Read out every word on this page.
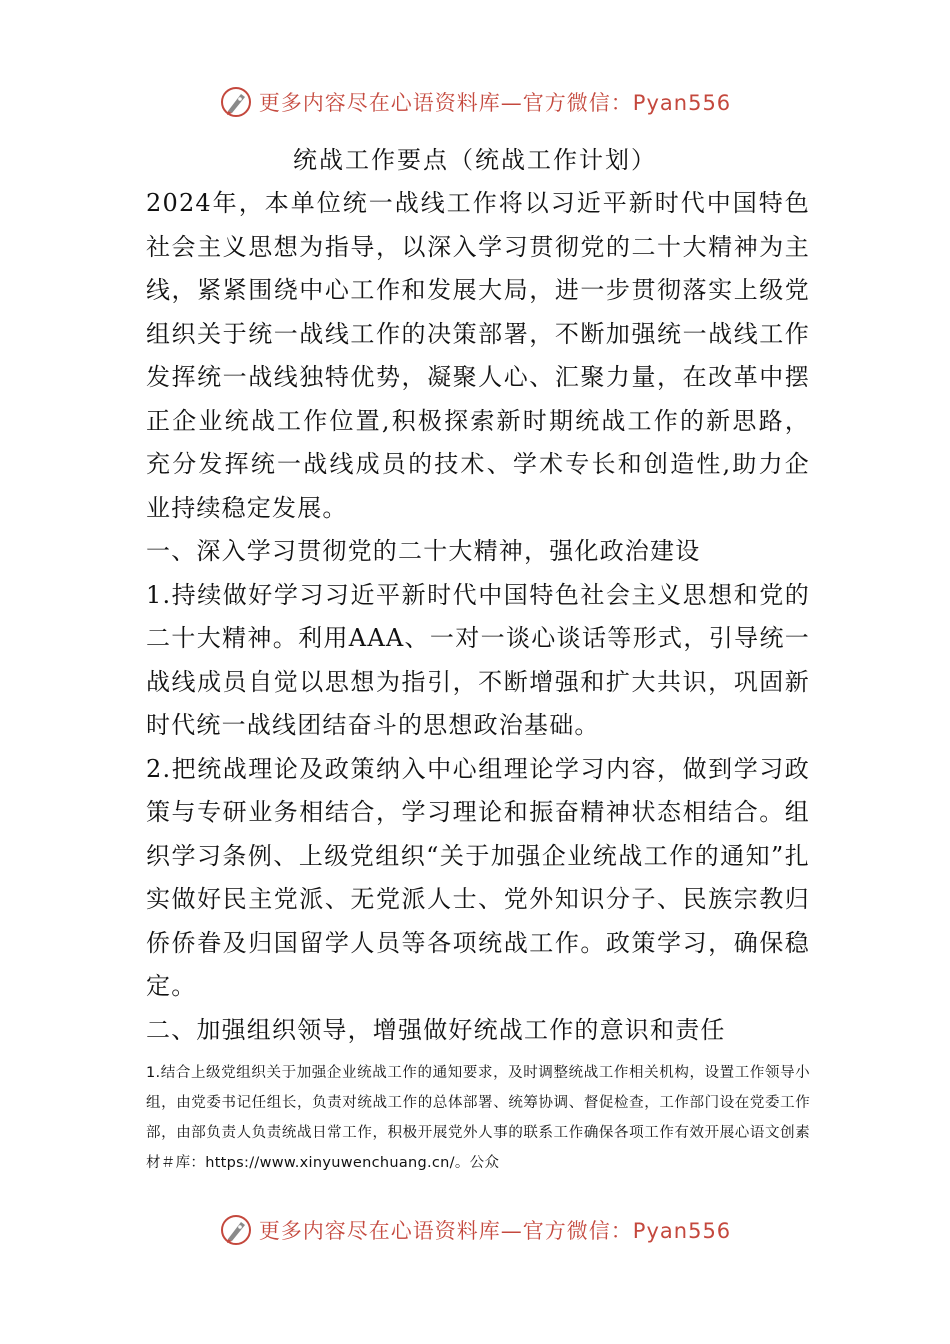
更多内容尽在心语资料库—官方微信：Pyan556
统战工作要点（统战工作计划）

2024年，本单位统一战线工作将以习近平新时代中国特色社会主义思想为指导，以深入学习贯彻党的二十大精神为主线，紧紧围绕中心工作和发展大局，进一步贯彻落实上级党组织关于统一战线工作的决策部署，不断加强统一战线工作发挥统一战线独特优势，凝聚人心、汇聚力量，在改革中摆正企业统战工作位置,积极探索新时期统战工作的新思路，充分发挥统一战线成员的技术、学术专长和创造性,助力企业持续稳定发展。

一、深入学习贯彻党的二十大精神，强化政治建设

1.持续做好学习习近平新时代中国特色社会主义思想和党的二十大精神。利用AAA、一对一谈心谈话等形式，引导统一战线成员自觉以思想为指引，不断增强和扩大共识，巩固新时代统一战线团结奋斗的思想政治基础。

2.把统战理论及政策纳入中心组理论学习内容，做到学习政策与专研业务相结合，学习理论和振奋精神状态相结合。组织学习条例、上级党组织“关于加强企业统战工作的通知”扎实做好民主党派、无党派人士、党外知识分子、民族宗教归侨侨眷及归国留学人员等各项统战工作。政策学习，确保稳定。

二、加强组织领导，增强做好统战工作的意识和责任

1.结合上级党组织关于加强企业统战工作的通知要求，及时调整统战工作相关机构，设置工作领导小组，由党委书记任组长，负责对统战工作的总体部署、统筹协调、督促检查，工作部门设在党委工作部，由部负责人负责统战日常工作，积极开展党外人事的联系工作确保各项工作有效开展心语文创素材＃库：https://www.xinyuwenchuang.cn/。公众

更多内容尽在心语资料库—官方微信：Pyan556
